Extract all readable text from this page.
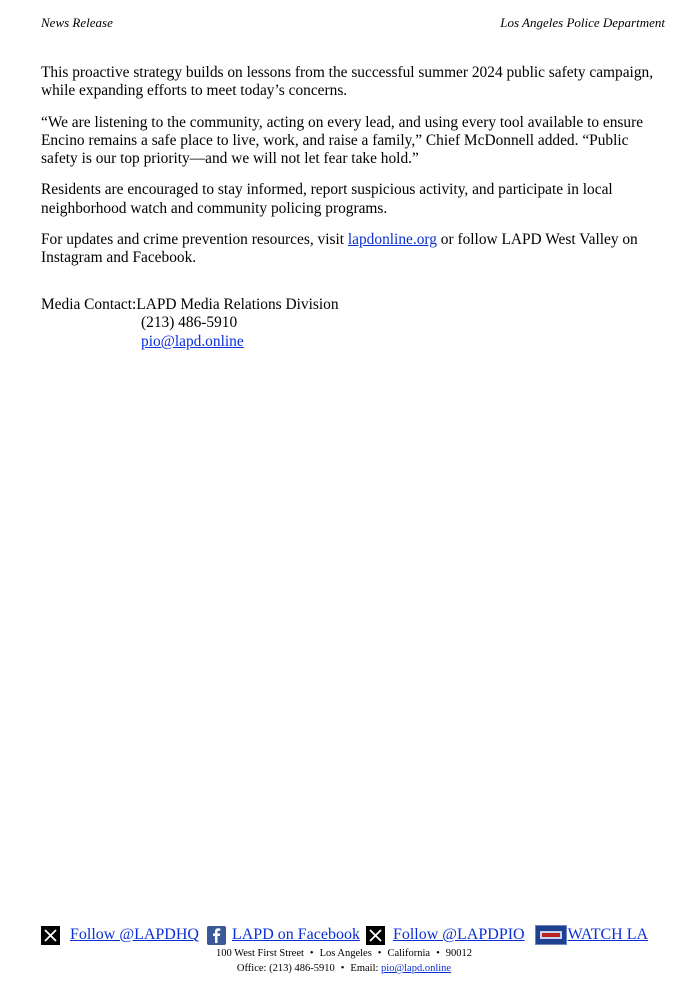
News Release	Los Angeles Police Department

This proactive strategy builds on lessons from the successful summer 2024 public safety campaign, while expanding efforts to meet today’s concerns.

“We are listening to the community, acting on every lead, and using every tool available to ensure Encino remains a safe place to live, work, and raise a family,” Chief McDonnell added. “Public safety is our top priority—and we will not let fear take hold.”

Residents are encouraged to stay informed, report suspicious activity, and participate in local neighborhood watch and community policing programs.

For updates and crime prevention resources, visit lapdonline.org or follow LAPD West Valley on Instagram and Facebook.

Media Contact: LAPD Media Relations Division
(213) 486-5910
pio@lapd.online
Follow @LAPDHQ LAPD on Facebook Follow @LAPDPIO	WATCH LA
100 West First Street • Los Angeles • California • 90012
Office: (213) 486-5910 • Email: pio@lapd.online
